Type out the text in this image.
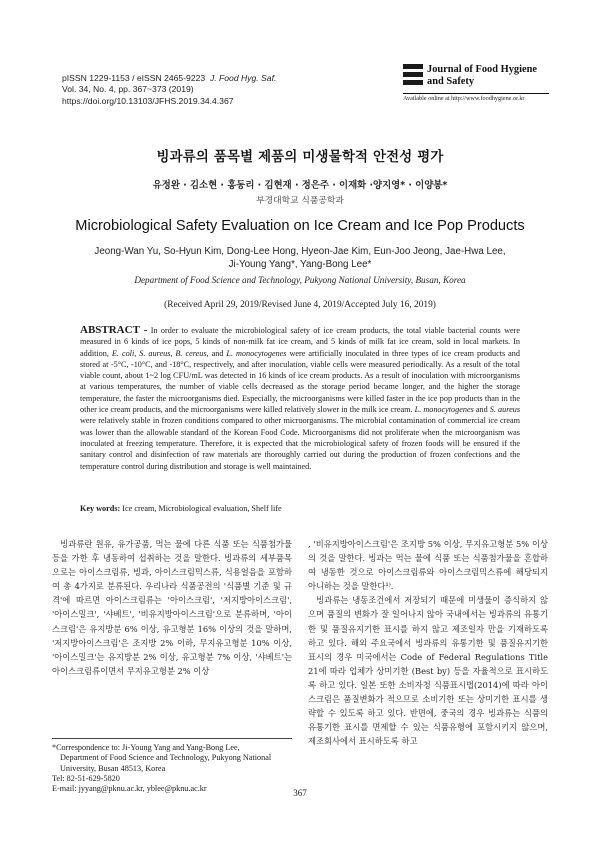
pISSN 1229-1153 / eISSN 2465-9223 J. Food Hyg. Saf.
Vol. 34, No. 4, pp. 367~373 (2019)
https://doi.org/10.13103/JFHS.2019.34.4.367
Journal of Food Hygiene
and Safety
Available online at http://www.foodhygiene.or.kr
빙과류의 품목별 제품의 미생물학적 안전성 평가
유정완 · 김소현 · 홍동리 · 김현재 · 정은주 · 이재화 ·양지영* · 이양봉*
부경대학교 식품공학과
Microbiological Safety Evaluation on Ice Cream and Ice Pop Products
Jeong-Wan Yu, So-Hyun Kim, Dong-Lee Hong, Hyeon-Jae Kim, Eun-Joo Jeong, Jae-Hwa Lee,
Ji-Young Yang*, Yang-Bong Lee*
Department of Food Science and Technology, Pukyong National University, Busan, Korea
(Received April 29, 2019/Revised June 4, 2019/Accepted July 16, 2019)
ABSTRACT - In order to evaluate the microbiological safety of ice cream products, the total viable bacterial counts were measured in 6 kinds of ice pops, 5 kinds of non-milk fat ice cream, and 5 kinds of milk fat ice cream, sold in local markets. In addition, E. coli, S. aureus, B. cereus, and L. monocytogenes were artificially inoculated in three types of ice cream products and stored at -5°C, -10°C, and -18°C, respectively, and after inoculation, viable cells were measured periodically. As a result of the total viable count, about 1~2 log CFU/mL was detected in 16 kinds of ice cream products. As a result of inoculation with microorganisms at various temperatures, the number of viable cells decreased as the storage period became longer, and the higher the storage temperature, the faster the microorganisms died. Especially, the microorganisms were killed faster in the ice pop products than in the other ice cream products, and the microorganisms were killed relatively slower in the milk ice cream. L. monocytogenes and S. aureus were relatively stable in frozen conditions compared to other microorganisms. The microbial contamination of commercial ice cream was lower than the allowable standard of the Korean Food Code. Microorganisms did not proliferate when the microorganism was inoculated at freezing temperature. Therefore, it is expected that the microbiological safety of frozen foods will be ensured if the sanitary control and disinfection of raw materials are thoroughly carried out during the production of frozen confections and the temperature control during distribution and storage is well maintained.
Key words: Ice cream, Microbiological evaluation, Shelf life

빙과류란 원유, 유가공품, 먹는 물에 다른 식품 또는 식품첨가물 등을 가한 후 냉동하여 섭취하는 것을 말한다. 빙과류의 세부품목으로는 아이스크림류, 빙과, 아이스크림믹스류, 식용얼음을 포함하여 총 4가지로 분류된다. 우리나라 식품공전의 '식품별 기준 및 규격'에 따르면 아이스크림류는 '아이스크림', '저지방아이스크림', '아이스밀크', '샤베트', '비유지방아이스크림'으로 분류하며, '아이스크림'은 유지방분 6% 이상, 유고형분 16% 이상의 것을 말하며, '저지방아이스크림'은 조지방 2% 이하, 무지유고형분 10% 이상, '아이스밀크'는 유지방분 2% 이상, 유고형분 7% 이상, '샤베트'는 아이스크림류이면서 무지유고형분 2% 이상

, '비유지방아이스크림'은 조지방 5% 이상, 무지유고형분 5% 이상의 것을 말한다. 빙과는 먹는 물에 식품 또는 식품첨가물을 혼합하여 냉동한 것으로 아이스크림류와 아이스크림믹스류에 해당되지 아니하는 것을 말한다¹⁾.

빙과류는 냉동조건에서 저장되기 때문에 미생물이 증식하지 않으며 품질의 변화가 잘 일어나지 않아 국내에서는 빙과류의 유통기한 및 품질유지기한 표시를 하지 않고 제조일자 만을 기재하도록 하고 있다. 해외 주요국에서 빙과류의 유통기한 및 품질유지기한 표시의 경우 미국에서는 Code of Federal Regulations Title 21에 따라 업체가 상미기한 (Best by) 등을 자율적으로 표시하도록 하고 있다. 일본 또한 소비자청 식품표시법(2014)에 따라 아이스크림은 품질변화가 적으므로 소비기한 또는 상미기한 표시를 생략할 수 있도록 하고 있다. 반면에, 중국의 경우 빙과류는 식품의 유통기한 표시를 면제할 수 있는 식품유형에 포함시키지 않으며, 제조회사에서 표시하도록 하고

*Correspondence to: Ji-Young Yang and Yang-Bong Lee,
Department of Food Science and Technology, Pukyong National
University, Busan 48513, Korea
Tel: 82-51-629-5820
E-mail: jyyang@pknu.ac.kr, yblee@pknu.ac.kr	367
